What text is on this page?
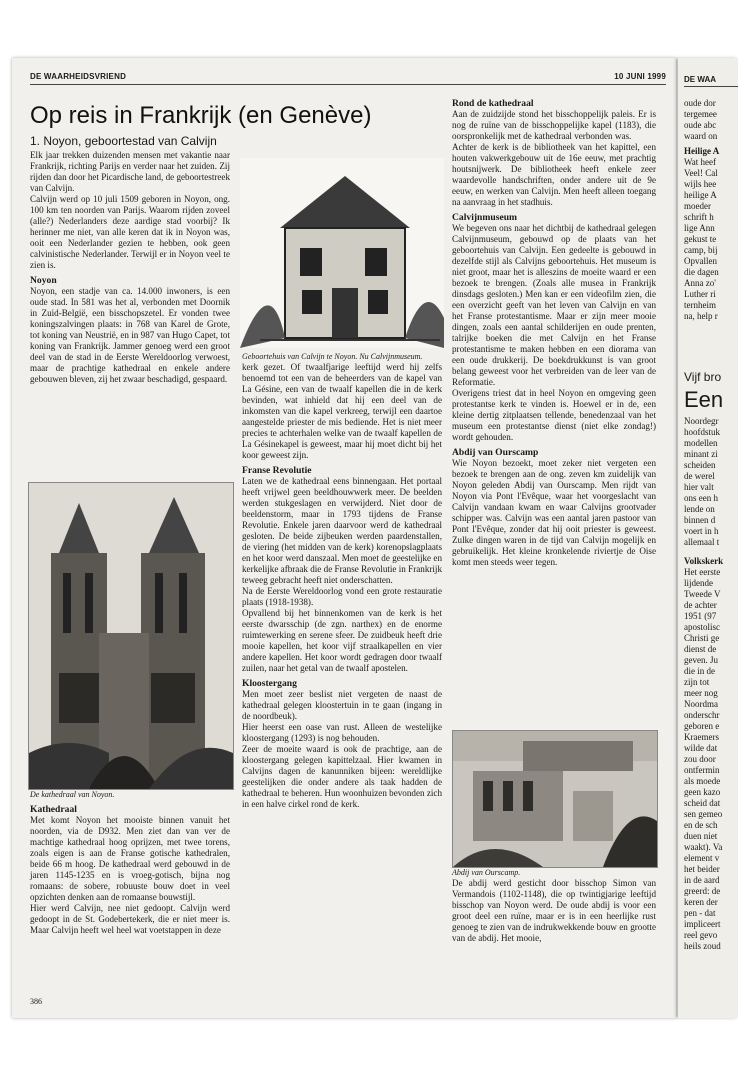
DE WAARHEIDSVRIEND	10 JUNI 1999
Op reis in Frankrijk (en Genève)
1. Noyon, geboortestad van Calvijn

Elk jaar trekken duizenden mensen met vakantie naar Frankrijk, richting Parijs en verder naar het zuiden. Zij rijden dan door het Picardische land, de geboortestreek van Calvijn.

Calvijn werd op 10 juli 1509 geboren in Noyon, ong. 100 km ten noorden van Parijs. Waarom rijden zoveel (alle?) Nederlanders deze aardige stad voorbij? Ik herinner me niet, van alle keren dat ik in Noyon was, ooit een Nederlander gezien te hebben, ook geen calvinistische Nederlander. Terwijl er in Noyon veel te zien is.

Noyon

Noyon, een stadje van ca. 14.000 inwoners, is een oude stad. In 581 was het al, verbonden met Doornik in Zuid-België, een bisschopszetel. Er vonden twee koningszalvingen plaats: in 768 van Karel de Grote, tot koning van Neustrië, en in 987 van Hugo Capet, tot koning van Frankrijk. Jammer genoeg werd een groot deel van de stad in de Eerste Wereldoorlog verwoest, maar de prachtige kathedraal en enkele andere gebouwen bleven, zij het zwaar beschadigd, gespaard.

De kathedraal van Noyon.

Kathedraal

Met komt Noyon het mooiste binnen vanuit het noorden, via de D932. Men ziet dan van ver de machtige kathedraal hoog oprijzen, met twee torens, zoals eigen is aan de Franse gotische kathedralen, beide 66 m hoog. De kathedraal werd gebouwd in de jaren 1145-1235 en is vroeg-gotisch, bijna nog romaans: de sobere, robuuste bouw doet in veel opzichten denken aan de romaanse bouwstijl.

Hier werd Calvijn, nee niet gedoopt. Calvijn werd gedoopt in de St. Godebertekerk, die er niet meer is. Maar Calvijn heeft wel heel wat voetstappen in deze

Geboortehuis van Calvijn te Noyon. Nu Calvijnmuseum.

kerk gezet. Of twaalfjarige leeftijd werd hij zelfs benoemd tot een van de beheerders van de kapel van La Gésine, een van de twaalf kapellen die in de kerk bevinden, wat inhield dat hij een deel van de inkomsten van die kapel verkreeg, terwijl een daartoe aangestelde priester de mis bediende. Het is niet meer precies te achterhalen welke van de twaalf kapellen de La Gésinekapel is geweest, maar hij moet dicht bij het koor geweest zijn.

Franse Revolutie

Laten we de kathedraal eens binnengaan. Het portaal heeft vrijwel geen beeldhouwwerk meer. De beelden werden stukgeslagen en verwijderd. Niet door de beeldenstorm, maar in 1793 tijdens de Franse Revolutie. Enkele jaren daarvoor werd de kathedraal gesloten. De beide zijbeuken werden paardenstallen, de viering (het midden van de kerk) korenopslagplaats en het koor werd danszaal. Men moet de geestelijke en kerkelijke afbraak die de Franse Revolutie in Frankrijk teweeg gebracht heeft niet onderschatten.

Na de Eerste Wereldoorlog vond een grote restauratie plaats (1918-1938).

Opvallend bij het binnenkomen van de kerk is het eerste dwarsschip (de zgn. narthex) en de enorme ruimtewerking en serene sfeer. De zuidbeuk heeft drie mooie kapellen, het koor vijf straalkapellen en vier andere kapellen. Het koor wordt gedragen door twaalf zuilen, naar het getal van de twaalf apostelen.

Kloostergang

Men moet zeer beslist niet vergeten de naast de kathedraal gelegen kloostertuin in te gaan (ingang in de noordbeuk).

Hier heerst een oase van rust. Alleen de westelijke kloostergang (1293) is nog behouden.

Zeer de moeite waard is ook de prachtige, aan de kloostergang gelegen kapittelzaal. Hier kwamen in Calvijns dagen de kanunniken bijeen: wereldlijke geestelijken die onder andere als taak hadden de kathedraal te beheren. Hun woonhuizen bevonden zich in een halve cirkel rond de kerk.

Rond de kathedraal

Aan de zuidzijde stond het bisschoppelijk paleis. Er is nog de ruïne van de bisschoppelijke kapel (1183), die oorspronkelijk met de kathedraal verbonden was.

Achter de kerk is de bibliotheek van het kapittel, een houten vakwerkgebouw uit de 16e eeuw, met prachtig houtsnijwerk. De bibliotheek heeft enkele zeer waardevolle handschriften, onder andere uit de 9e eeuw, en werken van Calvijn. Men heeft alleen toegang na aanvraag in het stadhuis.

Calvijnmuseum

We begeven ons naar het dichtbij de kathedraal gelegen Calvijnmuseum, gebouwd op de plaats van het geboortehuis van Calvijn. Een gedeelte is gebouwd in dezelfde stijl als Calvijns geboortehuis. Het museum is niet groot, maar het is alleszins de moeite waard er een bezoek te brengen. (Zoals alle musea in Frankrijk dinsdags gesloten.) Men kan er een videofilm zien, die een overzicht geeft van het leven van Calvijn en van het Franse protestantisme. Maar er zijn meer mooie dingen, zoals een aantal schilderijen en oude prenten, talrijke boeken die met Calvijn en het Franse protestantisme te maken hebben en een diorama van een oude drukkerij. De boekdrukkunst is van groot belang geweest voor het verbreiden van de leer van de Reformatie.

Overigens triest dat in heel Noyon en omgeving geen protestantse kerk te vinden is. Hoewel er in de, een kleine dertig zitplaatsen tellende, benedenzaal van het museum een protestantse dienst (niet elke zondag!) wordt gehouden.

Abdij van Ourscamp

Wie Noyon bezoekt, moet zeker niet vergeten een bezoek te brengen aan de ong. zeven km zuidelijk van Noyon geleden Abdij van Ourscamp. Men rijdt van Noyon via Pont l'Evêque, waar het voorgeslacht van Calvijn vandaan kwam en waar Calvijns grootvader schipper was. Calvijn was een aantal jaren pastoor van Pont l'Evêque, zonder dat hij ooit priester is geweest. Zulke dingen waren in de tijd van Calvijn mogelijk en gebruikelijk. Het kleine kronkelende riviertje de Oise komt men steeds weer tegen.

Abdij van Ourscamp.

De abdij werd gesticht door bisschop Simon van Vermandois (1102-1148), die op twintigjarige leeftijd bisschop van Noyon werd. De oude abdij is voor een groot deel een ruïne, maar er is in een heerlijke rust genoeg te zien van de indrukwekkende bouw en grootte van de abdij. Het mooie,

386
DE WAA
oude dor
tergemee
oude abc
waard on
Heilige A
Wat heef
Veel! Cal
wijls hee
heilige A
moeder
schrift h
lige Ann
gekust te
camp, bij
Opvallen
die dagen
Anna zo'
Luther ri
ternheim
na, help r
Vijf bro
Een
Noordegr
hoofdstuk
modellen
minant zi
scheiden
de werel
hier valt
ons een h
lende on
binnen d
voert in h
allemaal t
Volkskerk
Het eerste
lijdende
Tweede V
de achter
1951 (97
apostolisc
Christi ge
dienst de
geven. Ju
die in de
zijn tot
meer nog
Noordma
onderschr
geboren e
Kraemers
wilde dat
zou door
ontfermin
als moede
geen kazo
scheid dat
sen gemeo
en de sch
duen niet
waakt). Va
element v
het beider
in de aard
greerd: de
keren der
pen - dat
impliceert
reel gevo
heils zoud
